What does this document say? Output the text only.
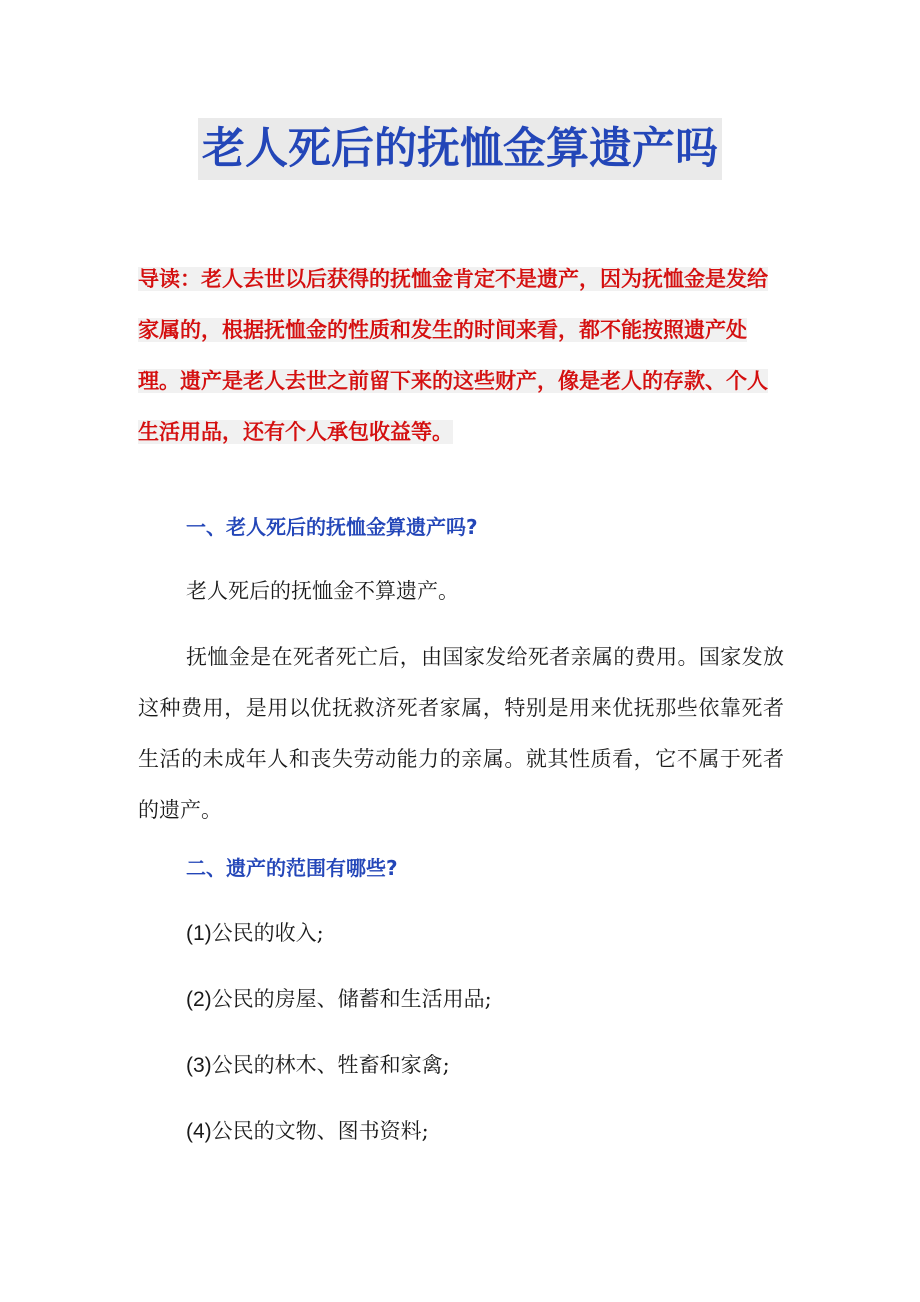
老人死后的抚恤金算遗产吗
导读：老人去世以后获得的抚恤金肯定不是遗产，因为抚恤金是发给家属的，根据抚恤金的性质和发生的时间来看，都不能按照遗产处理。遗产是老人去世之前留下来的这些财产，像是老人的存款、个人生活用品，还有个人承包收益等。
一、老人死后的抚恤金算遗产吗?
老人死后的抚恤金不算遗产。
抚恤金是在死者死亡后，由国家发给死者亲属的费用。国家发放这种费用，是用以优抚救济死者家属，特别是用来优抚那些依靠死者生活的未成年人和丧失劳动能力的亲属。就其性质看，它不属于死者的遗产。
二、遗产的范围有哪些?
(1)公民的收入;
(2)公民的房屋、储蓄和生活用品;
(3)公民的林木、牲畜和家禽;
(4)公民的文物、图书资料;
